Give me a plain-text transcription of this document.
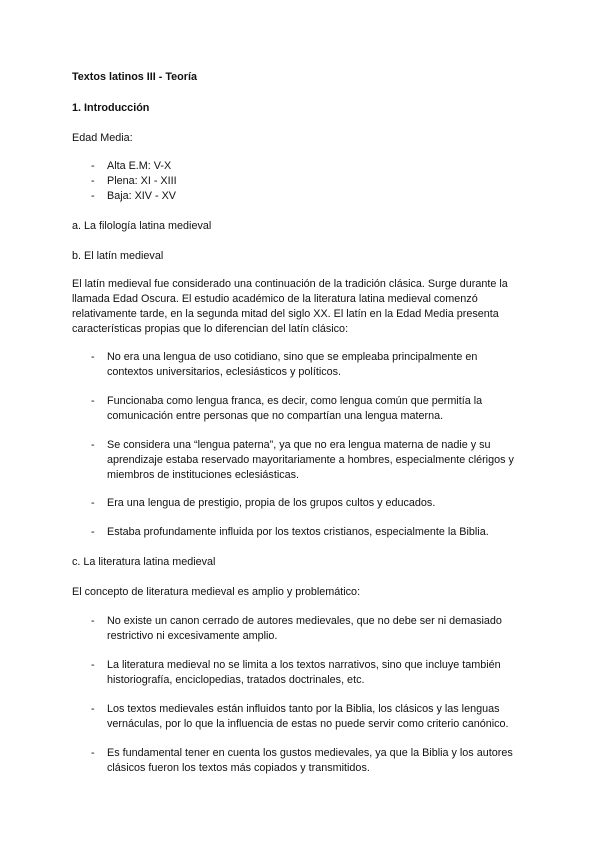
Textos latinos III - Teoría
1. Introducción
Edad Media:
- Alta E.M: V-X
- Plena: XI - XIII
- Baja: XIV - XV
a. La filología latina medieval
b. El latín medieval
El latín medieval fue considerado una continuación de la tradición clásica. Surge durante la
llamada Edad Oscura. El estudio académico de la literatura latina medieval comenzó
relativamente tarde, en la segunda mitad del siglo XX. El latín en la Edad Media presenta
características propias que lo diferencian del latín clásico:
- No era una lengua de uso cotidiano, sino que se empleaba principalmente en
contextos universitarios, eclesiásticos y políticos.
- Funcionaba como lengua franca, es decir, como lengua común que permitía la
comunicación entre personas que no compartían una lengua materna.
- Se considera una “lengua paterna”, ya que no era lengua materna de nadie y su
aprendizaje estaba reservado mayoritariamente a hombres, especialmente clérigos y
miembros de instituciones eclesiásticas.
- Era una lengua de prestigio, propia de los grupos cultos y educados.
- Estaba profundamente influida por los textos cristianos, especialmente la Biblia.
c. La literatura latina medieval
El concepto de literatura medieval es amplio y problemático:
- No existe un canon cerrado de autores medievales, que no debe ser ni demasiado
restrictivo ni excesivamente amplio.
- La literatura medieval no se limita a los textos narrativos, sino que incluye también
historiografía, enciclopedias, tratados doctrinales, etc.
- Los textos medievales están influidos tanto por la Biblia, los clásicos y las lenguas
vernáculas, por lo que la influencia de estas no puede servir como criterio canónico.
- Es fundamental tener en cuenta los gustos medievales, ya que la Biblia y los autores
clásicos fueron los textos más copiados y transmitidos.
